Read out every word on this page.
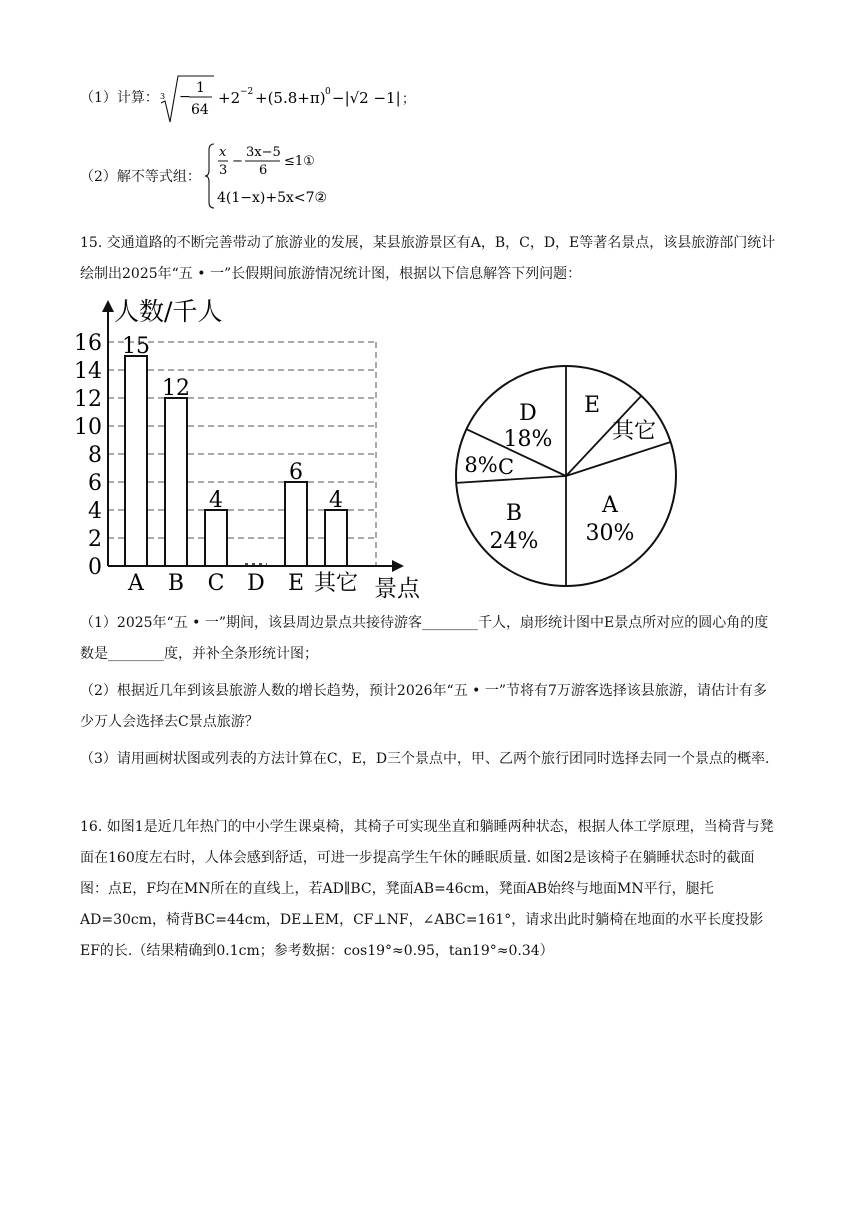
（1）计算： 3 −
1
64
+2 −2 +(5.8+π) 0 −|√2 −1| ；
（2）解不等式组：
x
3
−
3x−5
6
≤1①
4(1−x)+5x<7②
15. 交通道路的不断完善带动了旅游业的发展，某县旅游景区有A，B，C，D，E等著名景点，该县旅游部门统计绘制出2025年“五 • 一”长假期间旅游情况统计图，根据以下信息解答下列问题：
0
2
4
6
8
10
12
14
16
人数/千人
15
A
12
B
4
C D
6
E
4
其它 景点
E
其它
A
30%
B
24%
C
8%
D
18%
（1）2025年“五 • 一”期间，该县周边景点共接待游客________千人，扇形统计图中E景点所对应的圆心角的度数是________度，并补全条形统计图；
（2）根据近几年到该县旅游人数的增长趋势，预计2026年“五 • 一”节将有7万游客选择该县旅游，请估计有多少万人会选择去C景点旅游？
（3）请用画树状图或列表的方法计算在C，E，D三个景点中，甲、乙两个旅行团同时选择去同一个景点的概率.
16. 如图1是近几年热门的中小学生课桌椅，其椅子可实现坐直和躺睡两种状态，根据人体工学原理，当椅背与凳面在160度左右时，人体会感到舒适，可进一步提高学生午休的睡眠质量. 如图2是该椅子在躺睡状态时的截面图：点E，F均在MN所在的直线上，若AD∥BC，凳面AB=46cm，凳面AB始终与地面MN平行，腿托AD=30cm，椅背BC=44cm，DE⊥EM，CF⊥NF，∠ABC=161°，请求出此时躺椅在地面的水平长度投影EF的长.（结果精确到0.1cm；参考数据：cos19°≈0.95，tan19°≈0.34）
